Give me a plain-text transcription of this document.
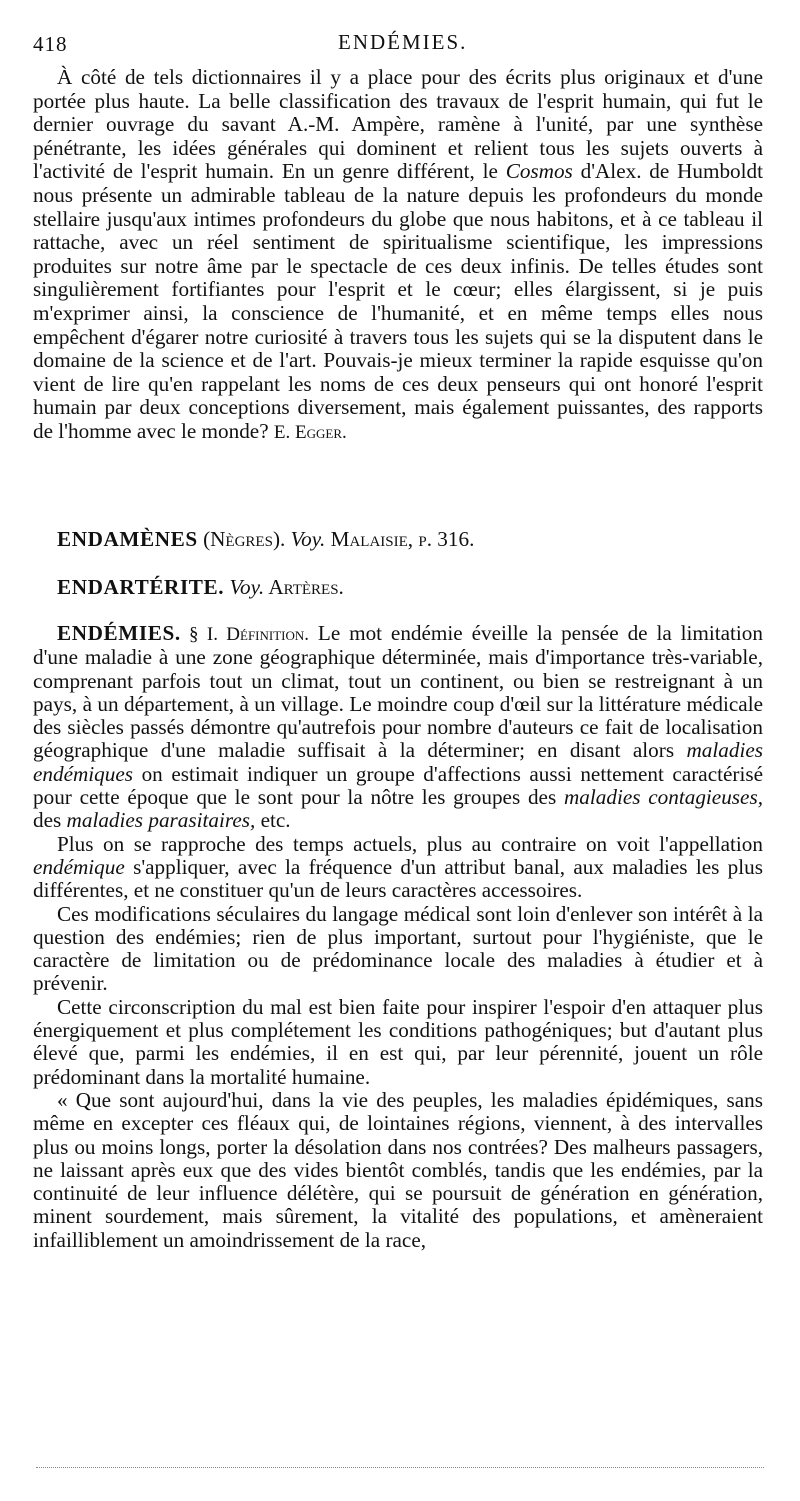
418	ENDÉMIES.

À côté de tels dictionnaires il y a place pour des écrits plus originaux et d'une portée plus haute. La belle classification des travaux de l'esprit humain, qui fut le dernier ouvrage du savant A.-M. Ampère, ramène à l'unité, par une synthèse pénétrante, les idées générales qui dominent et relient tous les sujets ouverts à l'activité de l'esprit humain. En un genre différent, le Cosmos d'Alex. de Humboldt nous présente un admirable tableau de la nature depuis les profondeurs du monde stellaire jusqu'aux intimes profondeurs du globe que nous habitons, et à ce tableau il rattache, avec un réel sentiment de spiritualisme scientifique, les impressions produites sur notre âme par le spectacle de ces deux infinis. De telles études sont singulièrement fortifiantes pour l'esprit et le cœur; elles élargissent, si je puis m'exprimer ainsi, la conscience de l'humanité, et en même temps elles nous empêchent d'égarer notre curiosité à travers tous les sujets qui se la disputent dans le domaine de la science et de l'art. Pouvais-je mieux terminer la rapide esquisse qu'on vient de lire qu'en rappelant les noms de ces deux penseurs qui ont honoré l'esprit humain par deux conceptions diversement, mais également puissantes, des rapports de l'homme avec le monde? E. Egger.

ENDAMÈNES (Nègres). Voy. Malaisie, p. 316.

ENDARTÉRITE. Voy. Artères.

ENDÉMIES. § I. Définition. Le mot endémie éveille la pensée de la limitation d'une maladie à une zone géographique déterminée, mais d'importance très-variable, comprenant parfois tout un climat, tout un continent, ou bien se restreignant à un pays, à un département, à un village. Le moindre coup d'œil sur la littérature médicale des siècles passés démontre qu'autrefois pour nombre d'auteurs ce fait de localisation géographique d'une maladie suffisait à la déterminer; en disant alors maladies endémiques on estimait indiquer un groupe d'affections aussi nettement caractérisé pour cette époque que le sont pour la nôtre les groupes des maladies contagieuses, des maladies parasitaires, etc.

Plus on se rapproche des temps actuels, plus au contraire on voit l'appellation endémique s'appliquer, avec la fréquence d'un attribut banal, aux maladies les plus différentes, et ne constituer qu'un de leurs caractères accessoires.

Ces modifications séculaires du langage médical sont loin d'enlever son intérêt à la question des endémies; rien de plus important, surtout pour l'hygiéniste, que le caractère de limitation ou de prédominance locale des maladies à étudier et à prévenir.

Cette circonscription du mal est bien faite pour inspirer l'espoir d'en attaquer plus énergiquement et plus complétement les conditions pathogéniques; but d'autant plus élevé que, parmi les endémies, il en est qui, par leur pérennité, jouent un rôle prédominant dans la mortalité humaine.

« Que sont aujourd'hui, dans la vie des peuples, les maladies épidémiques, sans même en excepter ces fléaux qui, de lointaines régions, viennent, à des intervalles plus ou moins longs, porter la désolation dans nos contrées? Des malheurs passagers, ne laissant après eux que des vides bientôt comblés, tandis que les endémies, par la continuité de leur influence délétère, qui se poursuit de génération en génération, minent sourdement, mais sûrement, la vitalité des populations, et amèneraient infailliblement un amoindrissement de la race,
